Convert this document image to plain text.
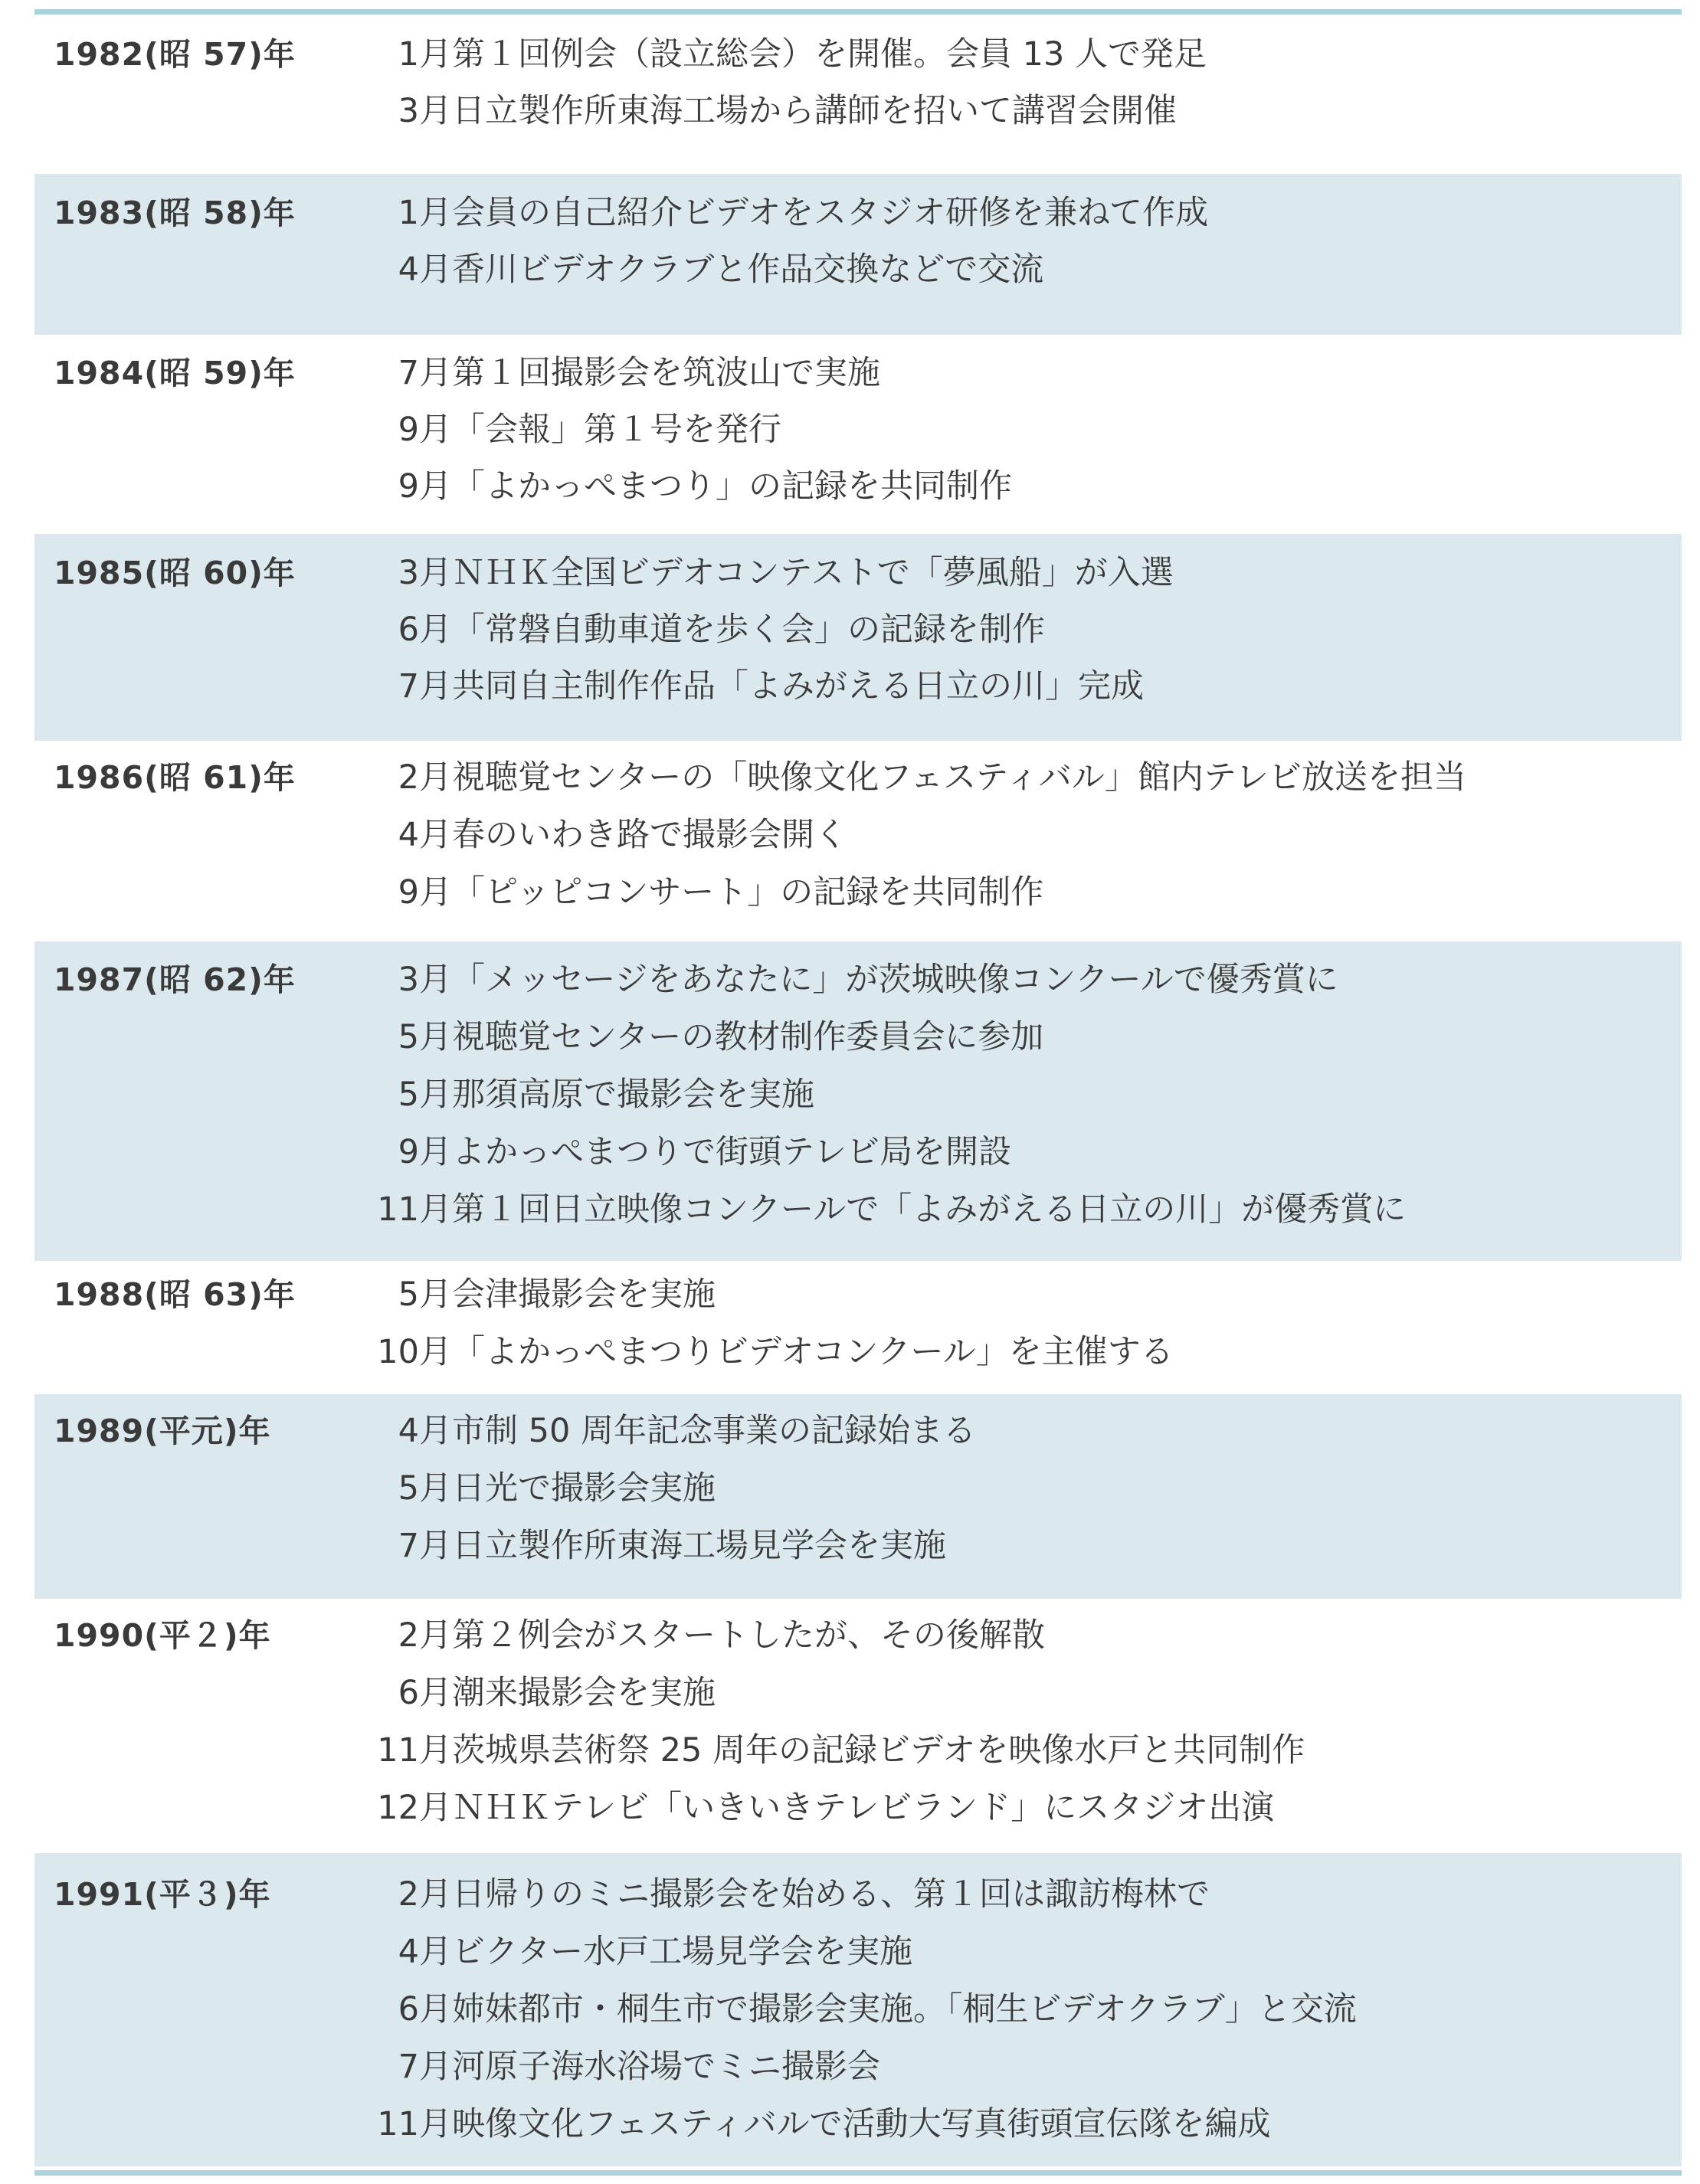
1982(昭 57)年	1月 第１回例会（設立総会）を開催。会員 13 人で発足
3月 日立製作所東海工場から講師を招いて講習会開催
1983(昭 58)年	1月 会員の自己紹介ビデオをスタジオ研修を兼ねて作成
4月 香川ビデオクラブと作品交換などで交流
1984(昭 59)年	7月 第１回撮影会を筑波山で実施
9月 「会報」第１号を発行
9月 「よかっぺまつり」の記録を共同制作
1985(昭 60)年	3月 ＮＨＫ全国ビデオコンテストで「夢風船」が入選
6月 「常磐自動車道を歩く会」の記録を制作
7月 共同自主制作作品「よみがえる日立の川」完成
1986(昭 61)年	2月 視聴覚センターの「映像文化フェスティバル」館内テレビ放送を担当
4月 春のいわき路で撮影会開く
9月 「ピッピコンサート」の記録を共同制作
1987(昭 62)年	3月 「メッセージをあなたに」が茨城映像コンクールで優秀賞に
5月 視聴覚センターの教材制作委員会に参加
5月 那須高原で撮影会を実施
9月 よかっぺまつりで街頭テレビ局を開設
11月 第１回日立映像コンクールで「よみがえる日立の川」が優秀賞に
1988(昭 63)年	5月 会津撮影会を実施
10月 「よかっぺまつりビデオコンクール」を主催する
1989(平元)年	4月 市制 50 周年記念事業の記録始まる
5月 日光で撮影会実施
7月 日立製作所東海工場見学会を実施
1990(平２)年	2月 第２例会がスタートしたが、その後解散
6月 潮来撮影会を実施
11月 茨城県芸術祭 25 周年の記録ビデオを映像水戸と共同制作
12月 ＮＨＫテレビ「いきいきテレビランド」にスタジオ出演
1991(平３)年	2月 日帰りのミニ撮影会を始める、第１回は諏訪梅林で
4月 ビクター水戸工場見学会を実施
6月 姉妹都市・桐生市で撮影会実施。「桐生ビデオクラブ」と交流
7月 河原子海水浴場でミニ撮影会
11月 映像文化フェスティバルで活動大写真街頭宣伝隊を編成
